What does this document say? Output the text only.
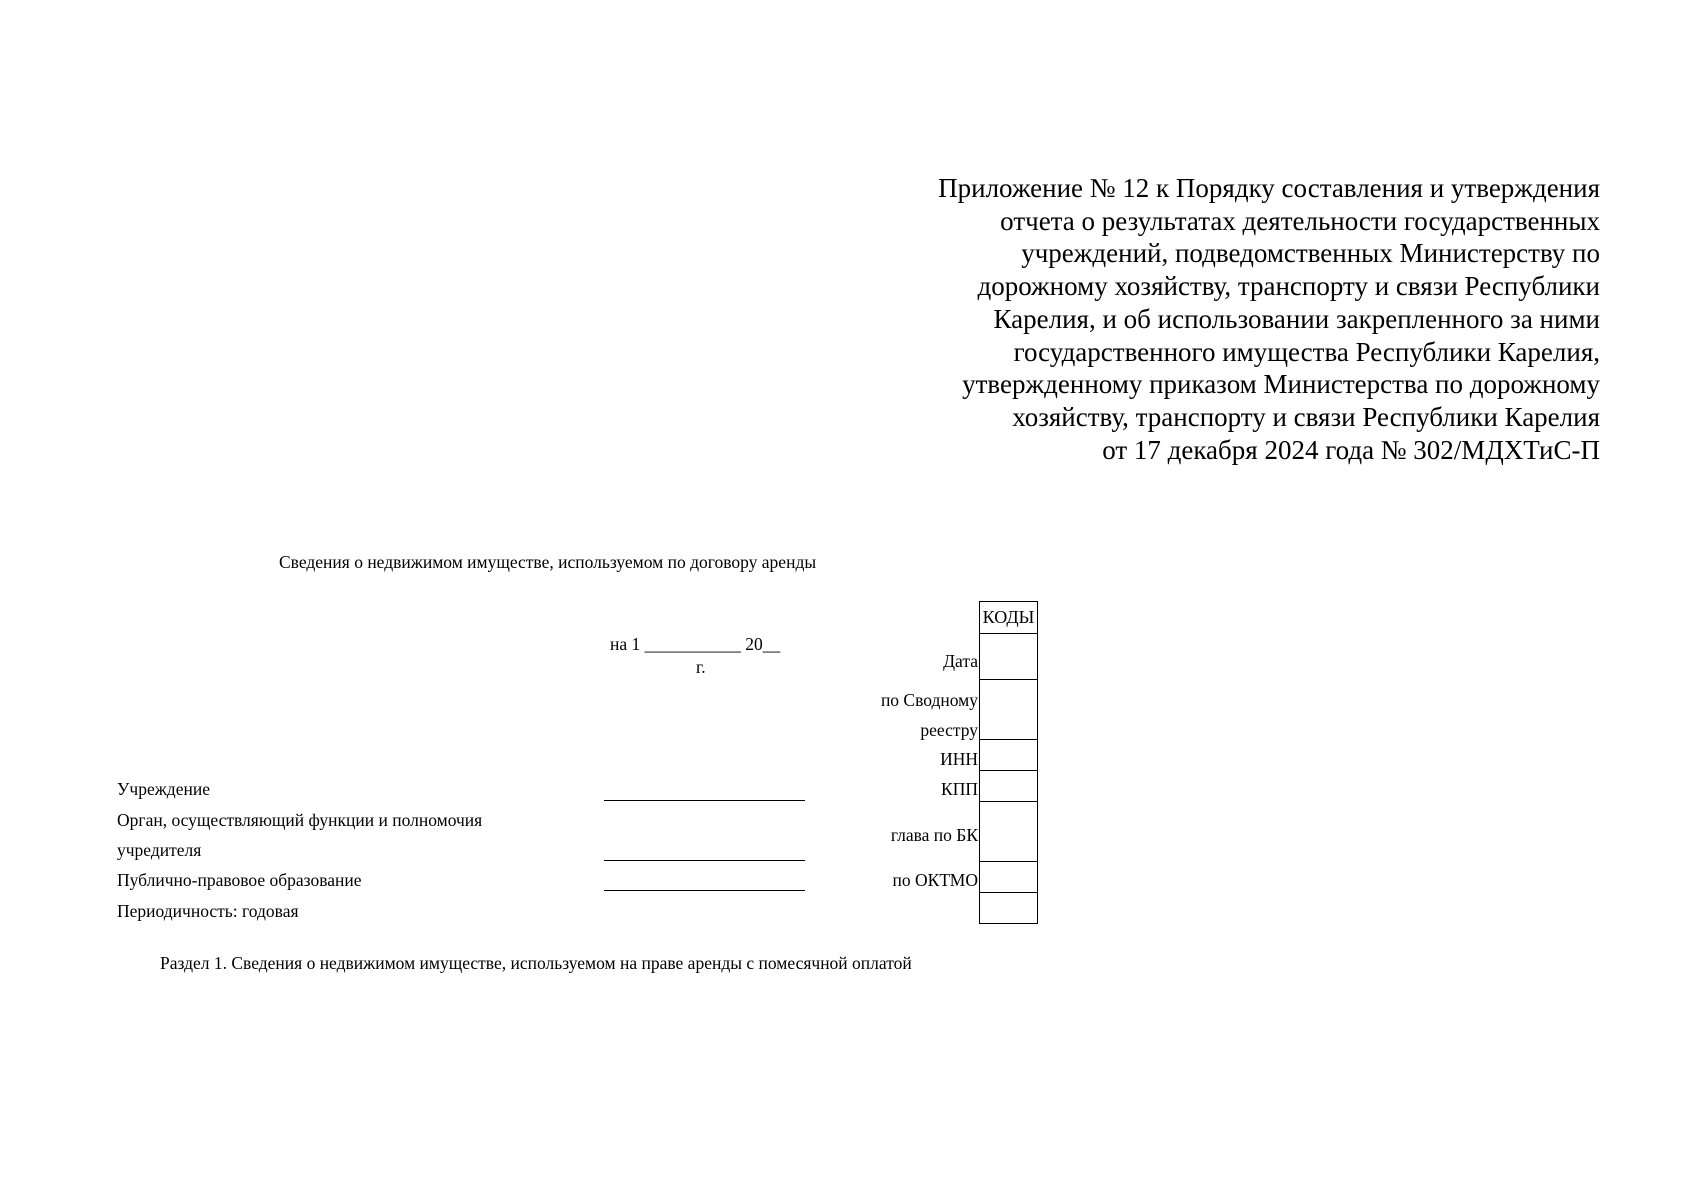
Приложение № 12 к Порядку составления и утверждения
отчета о результатах деятельности государственных
учреждений, подведомственных Министерству по
дорожному хозяйству, транспорту и связи Республики
Карелия, и об использовании закрепленного за ними
государственного имущества Республики Карелия,
утвержденному приказом Министерства по дорожному
хозяйству, транспорту и связи Республики Карелия
от 17 декабря 2024 года № 302/МДХТиС-П
Сведения о недвижимом имуществе, используемом по договору аренды
на 1 ___________ 20__
г.
КОДЫ
Дата
по Сводному
реестру
ИНН
КПП
глава по БК
по ОКТМО
Учреждение
Орган, осуществляющий функции и полномочия
учредителя
Публично-правовое образование
Периодичность: годовая
Раздел 1. Сведения о недвижимом имуществе, используемом на праве аренды с помесячной оплатой
